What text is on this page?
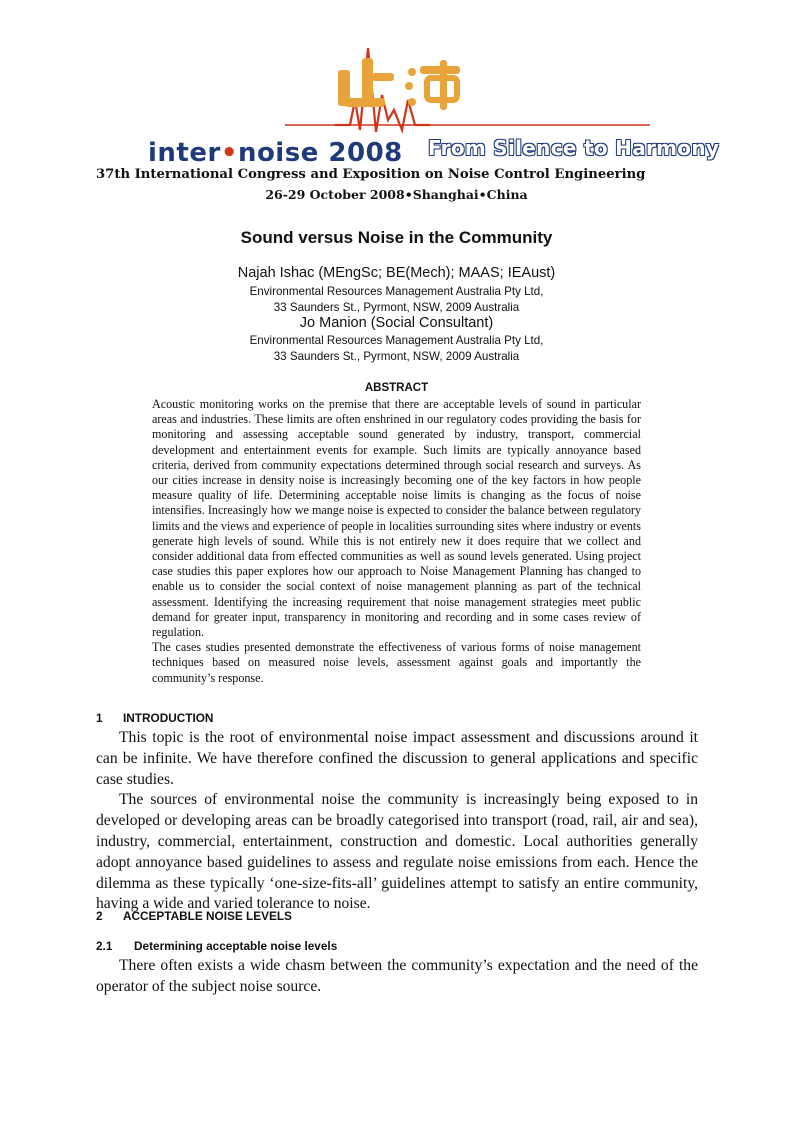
inter•noise 2008 From Silence to Harmony
37th International Congress and Exposition on Noise Control Engineering
26-29 October 2008•Shanghai•China
Sound versus Noise in the Community
Najah Ishac (MEngSc; BE(Mech); MAAS; IEAust)
Environmental Resources Management Australia Pty Ltd,
33 Saunders St., Pyrmont, NSW, 2009 Australia
Jo Manion (Social Consultant)
Environmental Resources Management Australia Pty Ltd,
33 Saunders St., Pyrmont, NSW, 2009 Australia
ABSTRACT

Acoustic monitoring works on the premise that there are acceptable levels of sound in particular areas and industries. These limits are often enshrined in our regulatory codes providing the basis for monitoring and assessing acceptable sound generated by industry, transport, commercial development and entertainment events for example. Such limits are typically annoyance based criteria, derived from community expectations determined through social research and surveys. As our cities increase in density noise is increasingly becoming one of the key factors in how people measure quality of life. Determining acceptable noise limits is changing as the focus of noise intensifies. Increasingly how we mange noise is expected to consider the balance between regulatory limits and the views and experience of people in localities surrounding sites where industry or events generate high levels of sound. While this is not entirely new it does require that we collect and consider additional data from effected communities as well as sound levels generated. Using project case studies this paper explores how our approach to Noise Management Planning has changed to enable us to consider the social context of noise management planning as part of the technical assessment. Identifying the increasing requirement that noise management strategies meet public demand for greater input, transparency in monitoring and recording and in some cases review of regulation.

The cases studies presented demonstrate the effectiveness of various forms of noise management techniques based on measured noise levels, assessment against goals and importantly the community’s response.

1 INTRODUCTION

This topic is the root of environmental noise impact assessment and discussions around it can be infinite. We have therefore confined the discussion to general applications and specific case studies.

The sources of environmental noise the community is increasingly being exposed to in developed or developing areas can be broadly categorised into transport (road, rail, air and sea), industry, commercial, entertainment, construction and domestic. Local authorities generally adopt annoyance based guidelines to assess and regulate noise emissions from each. Hence the dilemma as these typically ‘one-size-fits-all’ guidelines attempt to satisfy an entire community, having a wide and varied tolerance to noise.

2 ACCEPTABLE NOISE LEVELS
2.1 Determining acceptable noise levels

There often exists a wide chasm between the community’s expectation and the need of the operator of the subject noise source.
